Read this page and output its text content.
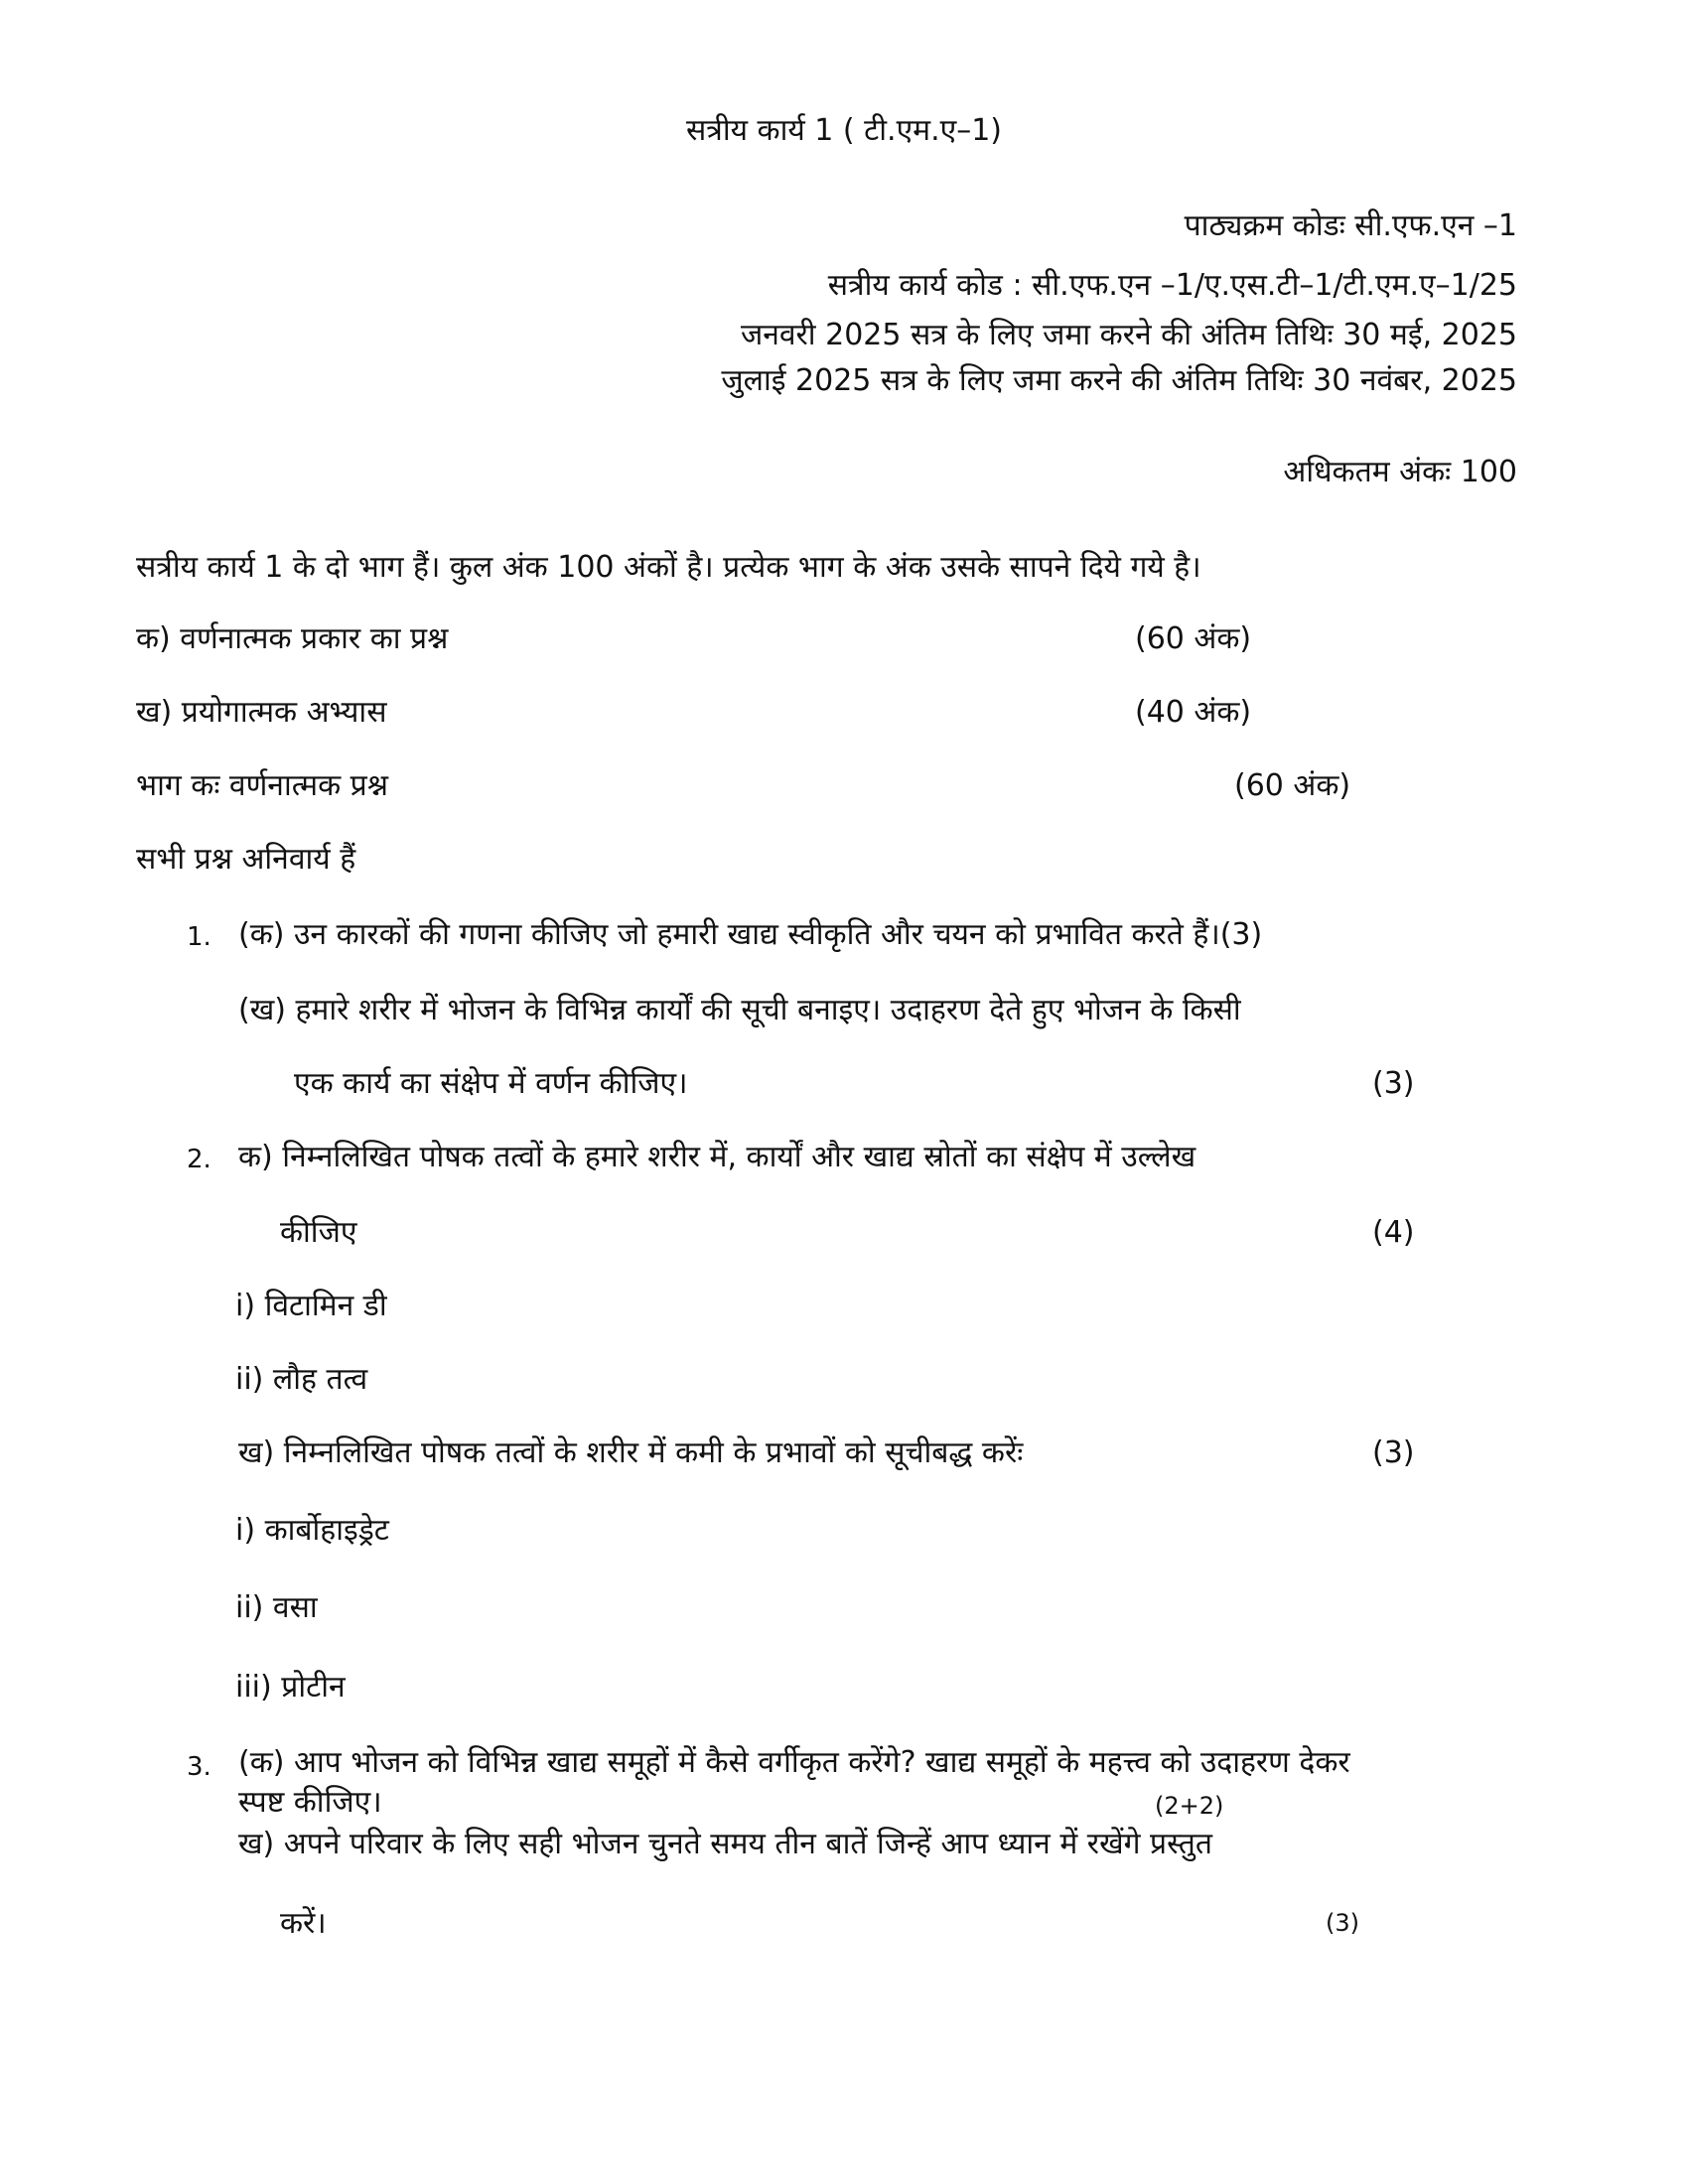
सत्रीय कार्य 1 ( टी.एम.ए–1)
पाठ्यक्रम कोडः सी.एफ.एन –1
सत्रीय कार्य कोड : सी.एफ.एन –1/ए.एस.टी–1/टी.एम.ए–1/25
जनवरी 2025 सत्र के लिए जमा करने की अंतिम तिथिः 30 मई, 2025
जुलाई 2025 सत्र के लिए जमा करने की अंतिम तिथिः 30 नवंबर, 2025
अधिकतम अंकः 100
सत्रीय कार्य 1 के दो भाग हैं। कुल अंक 100 अंकों है। प्रत्येक भाग के अंक उसके सापने दिये गये है।
क) वर्णनात्मक प्रकार का प्रश्न	(60 अंक)
ख) प्रयोगात्मक अभ्यास	(40 अंक)
भाग कः वर्णनात्मक प्रश्न	(60 अंक)
सभी प्रश्न अनिवार्य हैं
1. (क) उन कारकों की गणना कीजिए जो हमारी खाद्य स्वीकृति और चयन को प्रभावित करते हैं।(3)
(ख) हमारे शरीर में भोजन के विभिन्न कार्यों की सूची बनाइए। उदाहरण देते हुए भोजन के किसी
एक कार्य का संक्षेप में वर्णन कीजिए।	(3)
2. क) निम्नलिखित पोषक तत्वों के हमारे शरीर में, कार्यों और खाद्य स्रोतों का संक्षेप में उल्लेख
कीजिए	(4)
i) विटामिन डी
ii) लौह तत्व
ख) निम्नलिखित पोषक तत्वों के शरीर में कमी के प्रभावों को सूचीबद्ध करेंः	(3)
i) कार्बोहाइड्रेट
ii) वसा
iii) प्रोटीन
3. (क) आप भोजन को विभिन्न खाद्य समूहों में कैसे वर्गीकृत करेंगे? खाद्य समूहों के महत्त्व को उदाहरण देकर
स्पष्ट कीजिए।	(2+2)
ख) अपने परिवार के लिए सही भोजन चुनते समय तीन बातें जिन्हें आप ध्यान में रखेंगे प्रस्तुत
करें।	(3)
